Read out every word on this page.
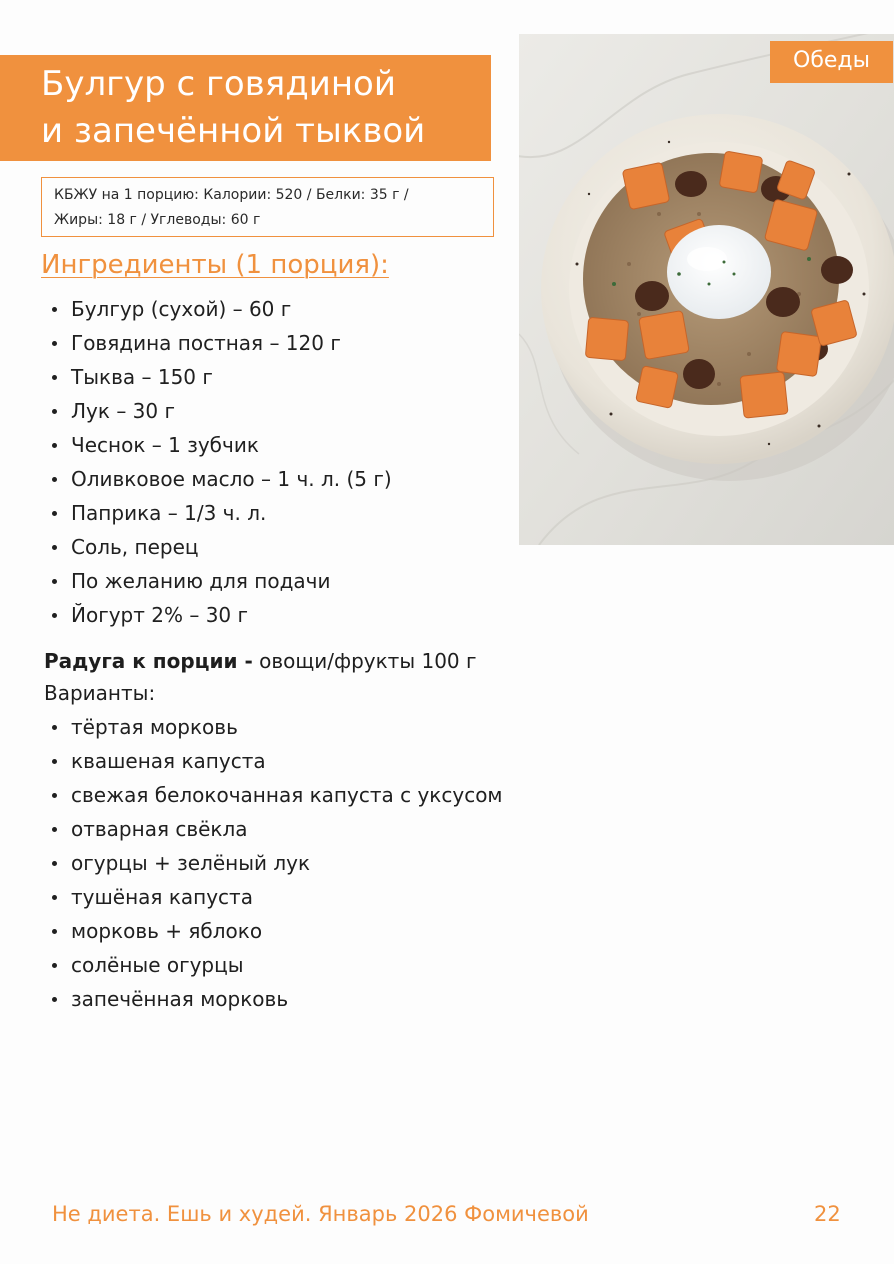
Булгур с говядиной
и запечённой тыквой
КБЖУ на 1 порцию: Калории: 520 / Белки: 35 г /
Жиры: 18 г / Углеводы: 60 г
Ингредиенты (1 порция):
Булгур (сухой) – 60 г
Говядина постная – 120 г
Тыква – 150 г
Лук – 30 г
Чеснок – 1 зубчик
Оливковое масло – 1 ч. л. (5 г)
Паприка – 1/3 ч. л.
Соль, перец
По желанию для подачи
Йогурт 2% – 30 г
Радуга к порции - овощи/фрукты 100 г
Варианты:
тёртая морковь
квашеная капуста
свежая белокочанная капуста с уксусом
отварная свёкла
огурцы + зелёный лук
тушёная капуста
морковь + яблоко
солёные огурцы
запечённая морковь
Обеды
Не диета. Ешь и худей. Январь 2026 Фомичевой	22
